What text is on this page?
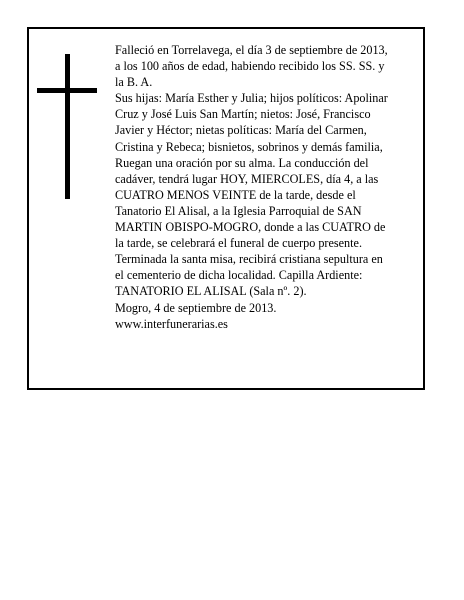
Falleció en Torrelavega, el día 3 de septiembre de 2013,
a los 100 años de edad, habiendo recibido los SS. SS. y
la B. A.
Sus hijas: María Esther y Julia; hijos políticos: Apolinar
Cruz y José Luis San Martín; nietos: José, Francisco
Javier y Héctor; nietas políticas: María del Carmen,
Cristina y Rebeca; bisnietos, sobrinos y demás familia,
Ruegan una oración por su alma. La conducción del
cadáver, tendrá lugar HOY, MIERCOLES, día 4, a las
CUATRO MENOS VEINTE de la tarde, desde el
Tanatorio El Alisal, a la Iglesia Parroquial de SAN
MARTIN OBISPO-MOGRO, donde a las CUATRO de
la tarde, se celebrará el funeral de cuerpo presente.
Terminada la santa misa, recibirá cristiana sepultura en
el cementerio de dicha localidad. Capilla Ardiente:
TANATORIO EL ALISAL (Sala nº. 2).
Mogro, 4 de septiembre de 2013.
www.interfunerarias.es
